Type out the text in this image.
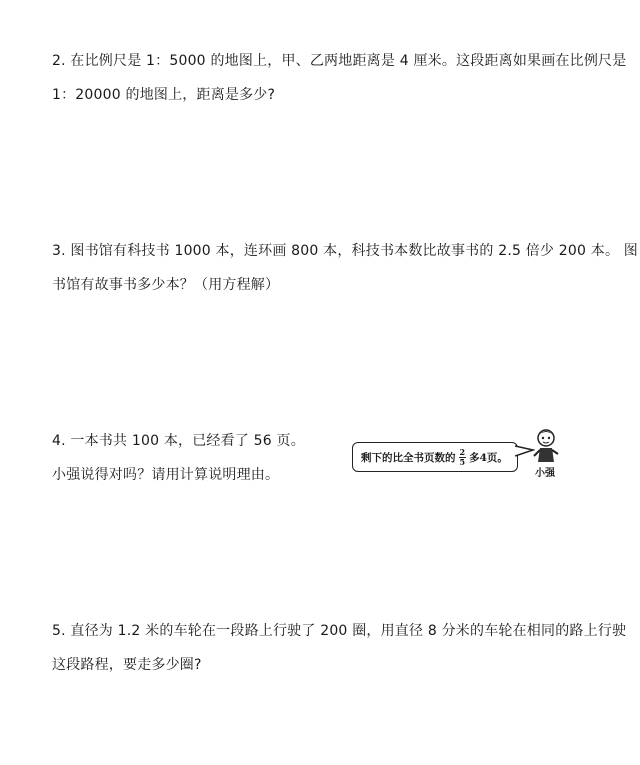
2. 在比例尺是 1：5000 的地图上，甲、乙两地距离是 4 厘米。这段距离如果画在比例尺是
1：20000 的地图上，距离是多少?
3. 图书馆有科技书 1000 本，连环画 800 本，科技书本数比故事书的 2.5 倍少 200 本。 图
书馆有故事书多少本？（用方程解）
4. 一本书共 100 本，已经看了 56 页。
小强说得对吗？请用计算说明理由。
剩下的比全书页数的 $\frac{2}{5}$ 多4页。
小强
5. 直径为 1.2 米的车轮在一段路上行驶了 200 圈，用直径 8 分米的车轮在相同的路上行驶
这段路程，要走多少圈?
